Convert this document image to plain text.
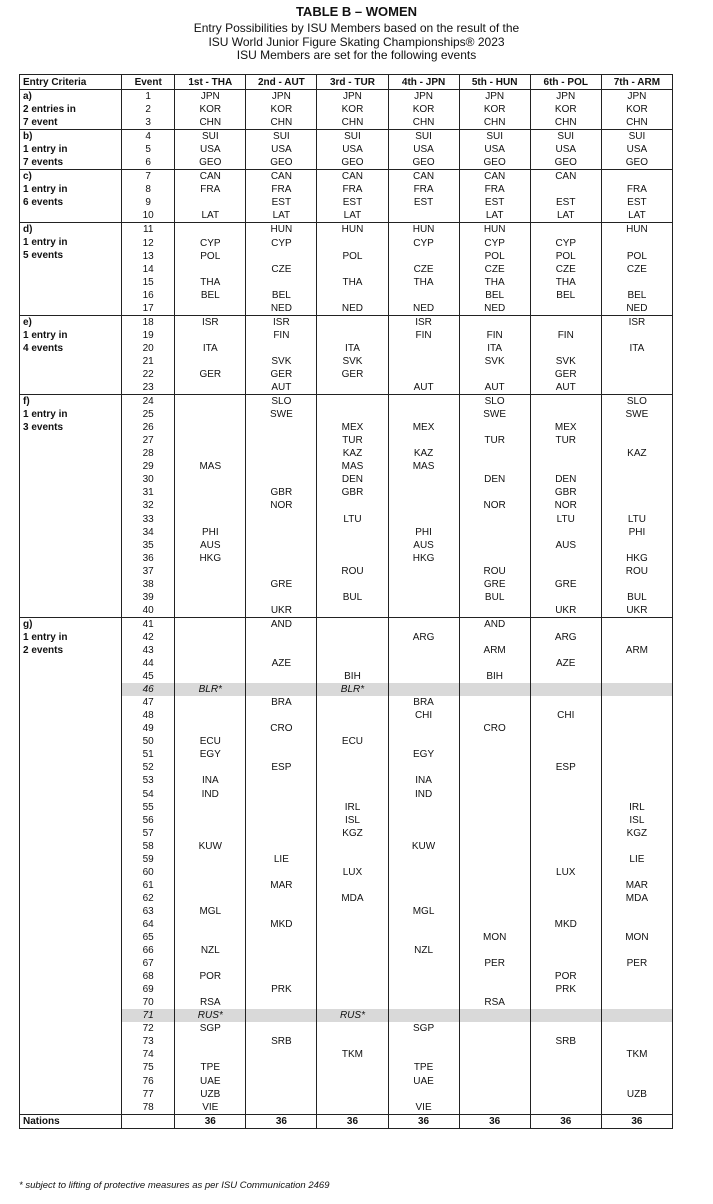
TABLE B – WOMEN
Entry Possibilities by ISU Members based on the result of the
ISU World Junior Figure Skating Championships® 2023
ISU Members are set for the following events
Entry Criteria	Event	1st - THA	2nd - AUT	3rd - TUR	4th - JPN	5th - HUN	6th - POL	7th - ARM

a)
2 entries in
7 event	1	JPN	JPN	JPN	JPN	JPN	JPN	JPN
	2	KOR	KOR	KOR	KOR	KOR	KOR	KOR
	3	CHN	CHN	CHN	CHN	CHN	CHN	CHN

b)
1 entry in
7 events	4	SUI	SUI	SUI	SUI	SUI	SUI	SUI
	5	USA	USA	USA	USA	USA	USA	USA
	6	GEO	GEO	GEO	GEO	GEO	GEO	GEO

c)
1 entry in
6 events	7	CAN	CAN	CAN	CAN	CAN	CAN	
	8	FRA	FRA	FRA	FRA	FRA		FRA
	9		EST	EST	EST	EST	EST	EST
	10	LAT	LAT	LAT		LAT	LAT	LAT

d)
1 entry in
5 events	11		HUN	HUN	HUN	HUN		HUN
	12	CYP	CYP		CYP	CYP	CYP	
	13	POL		POL		POL	POL	POL
	14		CZE		CZE	CZE	CZE	CZE
	15	THA		THA	THA	THA	THA	
	16	BEL	BEL			BEL	BEL	BEL
	17		NED	NED	NED	NED		NED

e)
1 entry in
4 events	18	ISR	ISR		ISR			ISR
	19		FIN		FIN	FIN	FIN	
	20	ITA		ITA		ITA		ITA
	21		SVK	SVK		SVK	SVK	
	22	GER	GER	GER			GER	
	23		AUT		AUT	AUT	AUT	

f)
1 entry in
3 events	24		SLO			SLO		SLO
	25		SWE			SWE		SWE
	26			MEX	MEX		MEX	
	27			TUR		TUR	TUR	
	28			KAZ	KAZ			KAZ
	29	MAS		MAS	MAS			
	30			DEN		DEN	DEN	
	31		GBR	GBR			GBR	
	32		NOR			NOR	NOR	
	33			LTU			LTU	LTU
	34	PHI			PHI			PHI
	35	AUS			AUS		AUS	
	36	HKG			HKG			HKG
	37			ROU		ROU		ROU
	38		GRE			GRE	GRE	
	39			BUL		BUL		BUL
	40		UKR				UKR	UKR

g)
1 entry in
2 events	41		AND			AND		
	42				ARG		ARG	
	43					ARM		ARM
	44		AZE				AZE	
	45			BIH		BIH		
	46	BLR*		BLR*				
	47		BRA		BRA			
	48				CHI		CHI	
	49		CRO			CRO		
	50	ECU		ECU				
	51	EGY			EGY			
	52		ESP				ESP	
	53	INA			INA			
	54	IND			IND			
	55			IRL				IRL
	56			ISL				ISL
	57			KGZ				KGZ
	58	KUW			KUW			
	59		LIE					LIE
	60			LUX			LUX	
	61		MAR					MAR
	62			MDA				MDA
	63	MGL			MGL			
	64		MKD				MKD	
	65					MON		MON
	66	NZL			NZL			
	67					PER		PER
	68	POR					POR	
	69		PRK				PRK	
	70	RSA				RSA		
	71	RUS*		RUS*				
	72	SGP			SGP			
	73		SRB				SRB	
	74			TKM				TKM
	75	TPE			TPE			
	76	UAE			UAE			
	77	UZB						UZB
	78	VIE			VIE			
Nations		36	36	36	36	36	36	36
* subject to lifting of protective measures as per ISU Communication 2469
